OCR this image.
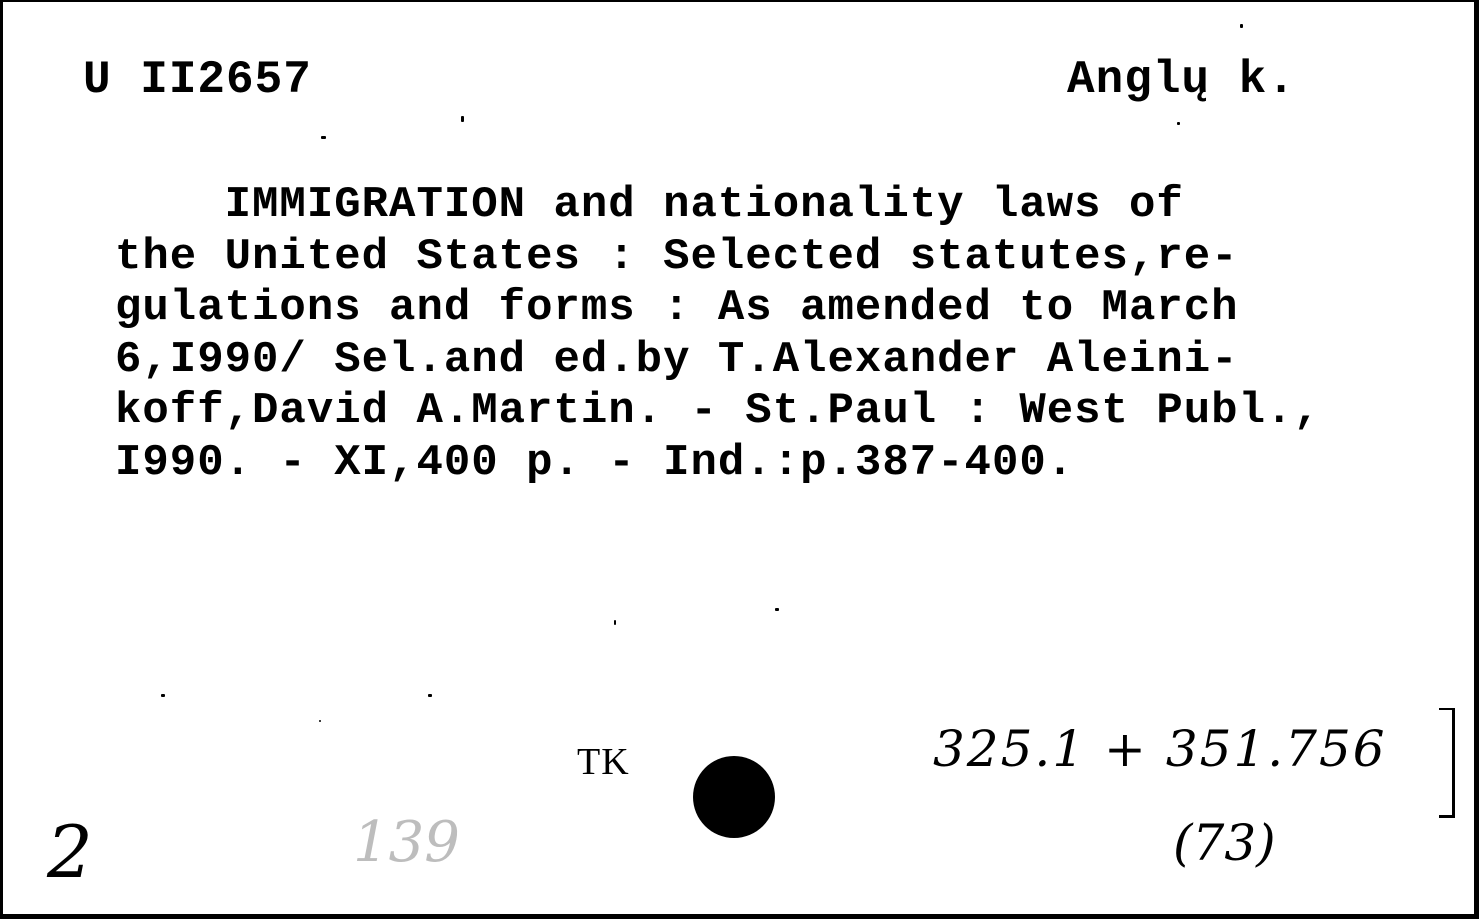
U II2657	Anglų k.
IMMIGRATION and nationality laws of
the United States : Selected statutes,re-
gulations and forms : As amended to March
6,I990/ Sel.and ed.by T.Alexander Aleini-
koff,David A.Martin. - St.Paul : West Publ.,
I990. - XI,400 p. - Ind.:p.387-400.
TK	325.1 + 351.756
(73)
2	139
